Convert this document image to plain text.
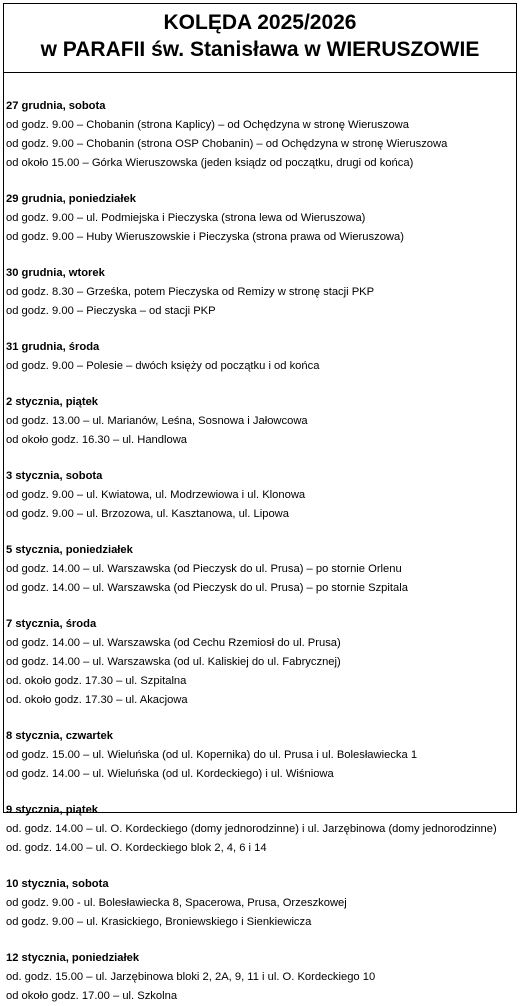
KOLĘDA 2025/2026
w PARAFII św. Stanisława w WIERUSZOWIE
27 grudnia, sobota
od godz. 9.00 – Chobanin (strona Kaplicy) – od Ochędzyna w stronę Wieruszowa
od godz. 9.00 – Chobanin (strona OSP Chobanin) – od Ochędzyna w stronę Wieruszowa
od około 15.00 – Górka Wieruszowska (jeden ksiądz od początku, drugi od końca)
29 grudnia, poniedziałek
od godz. 9.00 – ul. Podmiejska i Pieczyska (strona lewa od Wieruszowa)
od godz. 9.00 – Huby Wieruszowskie i Pieczyska (strona prawa od Wieruszowa)
30 grudnia, wtorek
od godz. 8.30 – Grześka, potem Pieczyska od Remizy w stronę stacji PKP
od godz. 9.00 – Pieczyska – od stacji PKP
31 grudnia, środa
od godz. 9.00 – Polesie – dwóch księży od początku i od końca
2 stycznia, piątek
od godz. 13.00 – ul. Marianów, Leśna, Sosnowa i Jałowcowa
od około godz. 16.30 – ul. Handlowa
3 stycznia, sobota
od godz. 9.00 – ul. Kwiatowa, ul. Modrzewiowa i ul. Klonowa
od godz. 9.00 – ul. Brzozowa, ul. Kasztanowa, ul. Lipowa
5 stycznia, poniedziałek
od godz. 14.00 – ul. Warszawska (od Pieczysk do ul. Prusa) – po stornie Orlenu
od godz. 14.00 – ul. Warszawska (od Pieczysk do ul. Prusa) – po stornie Szpitala
7 stycznia, środa
od godz. 14.00 – ul. Warszawska (od Cechu Rzemiosł do ul. Prusa)
od godz. 14.00 – ul. Warszawska (od ul. Kaliskiej do ul. Fabrycznej)
od. około godz. 17.30 – ul. Szpitalna
od. około godz. 17.30 – ul. Akacjowa
8 stycznia, czwartek
od godz. 15.00 – ul. Wieluńska (od ul. Kopernika) do ul. Prusa i ul. Bolesławiecka 1
od godz. 14.00 – ul. Wieluńska (od ul. Kordeckiego) i ul. Wiśniowa
9 stycznia, piątek
od. godz. 14.00 – ul. O. Kordeckiego (domy jednorodzinne) i ul. Jarzębinowa (domy jednorodzinne)
od. godz. 14.00 – ul. O. Kordeckiego blok 2, 4, 6 i 14
10 stycznia, sobota
od godz. 9.00 - ul. Bolesławiecka 8, Spacerowa, Prusa, Orzeszkowej
od godz. 9.00 – ul. Krasickiego, Broniewskiego i Sienkiewicza
12 stycznia, poniedziałek
od. godz. 15.00 – ul. Jarzębinowa bloki 2, 2A, 9, 11 i ul. O. Kordeckiego 10
od około godz. 17.00 – ul. Szkolna
